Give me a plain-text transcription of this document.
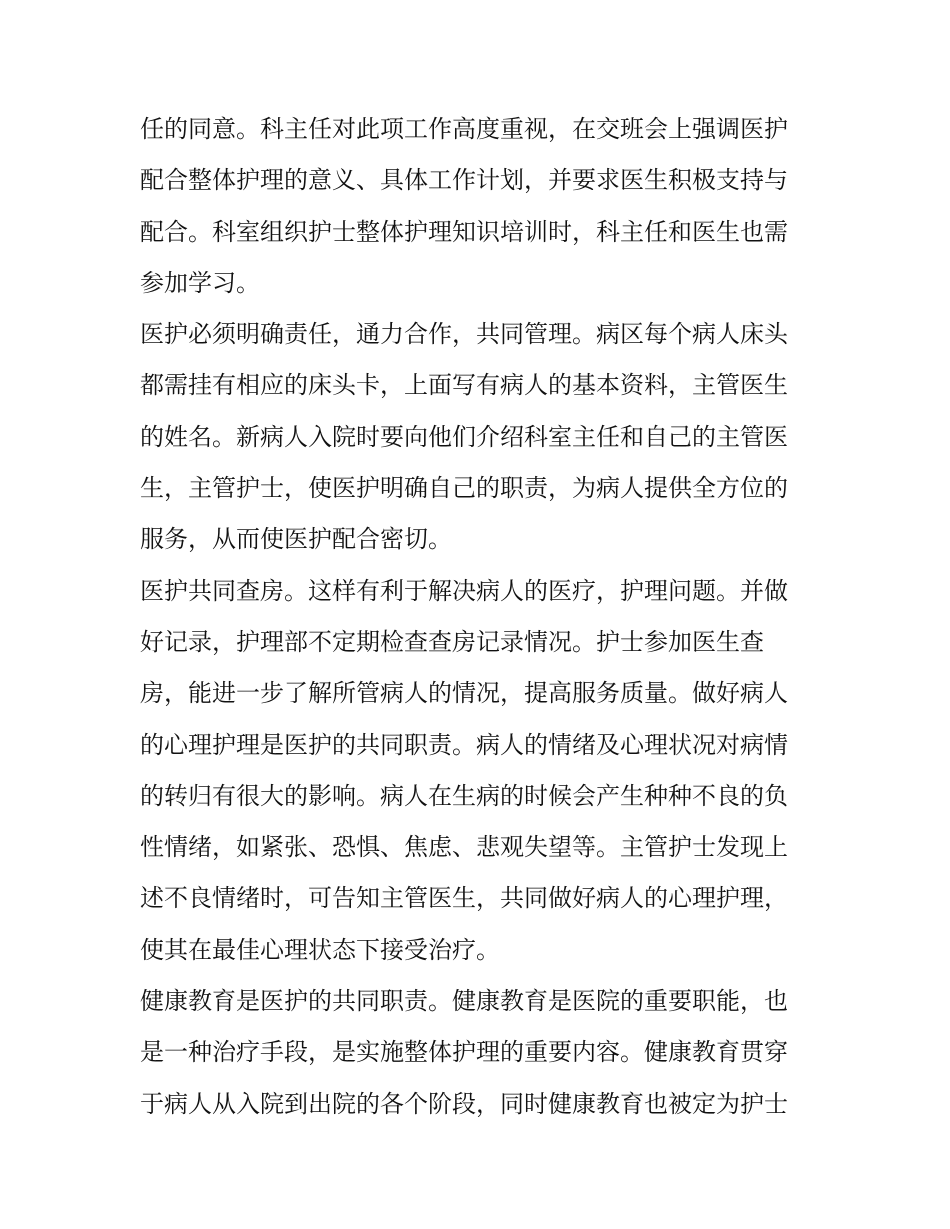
任的同意。科主任对此项工作高度重视，在交班会上强调医护
配合整体护理的意义、具体工作计划，并要求医生积极支持与
配合。科室组织护士整体护理知识培训时，科主任和医生也需
参加学习。
医护必须明确责任，通力合作，共同管理。病区每个病人床头
都需挂有相应的床头卡，上面写有病人的基本资料，主管医生
的姓名。新病人入院时要向他们介绍科室主任和自己的主管医
生，主管护士，使医护明确自己的职责，为病人提供全方位的
服务，从而使医护配合密切。
医护共同查房。这样有利于解决病人的医疗，护理问题。并做
好记录，护理部不定期检查查房记录情况。护士参加医生查
房，能进一步了解所管病人的情况，提高服务质量。做好病人
的心理护理是医护的共同职责。病人的情绪及心理状况对病情
的转归有很大的影响。病人在生病的时候会产生种种不良的负
性情绪，如紧张、恐惧、焦虑、悲观失望等。主管护士发现上
述不良情绪时，可告知主管医生，共同做好病人的心理护理，
使其在最佳心理状态下接受治疗。
健康教育是医护的共同职责。健康教育是医院的重要职能，也
是一种治疗手段，是实施整体护理的重要内容。健康教育贯穿
于病人从入院到出院的各个阶段，同时健康教育也被定为护士
